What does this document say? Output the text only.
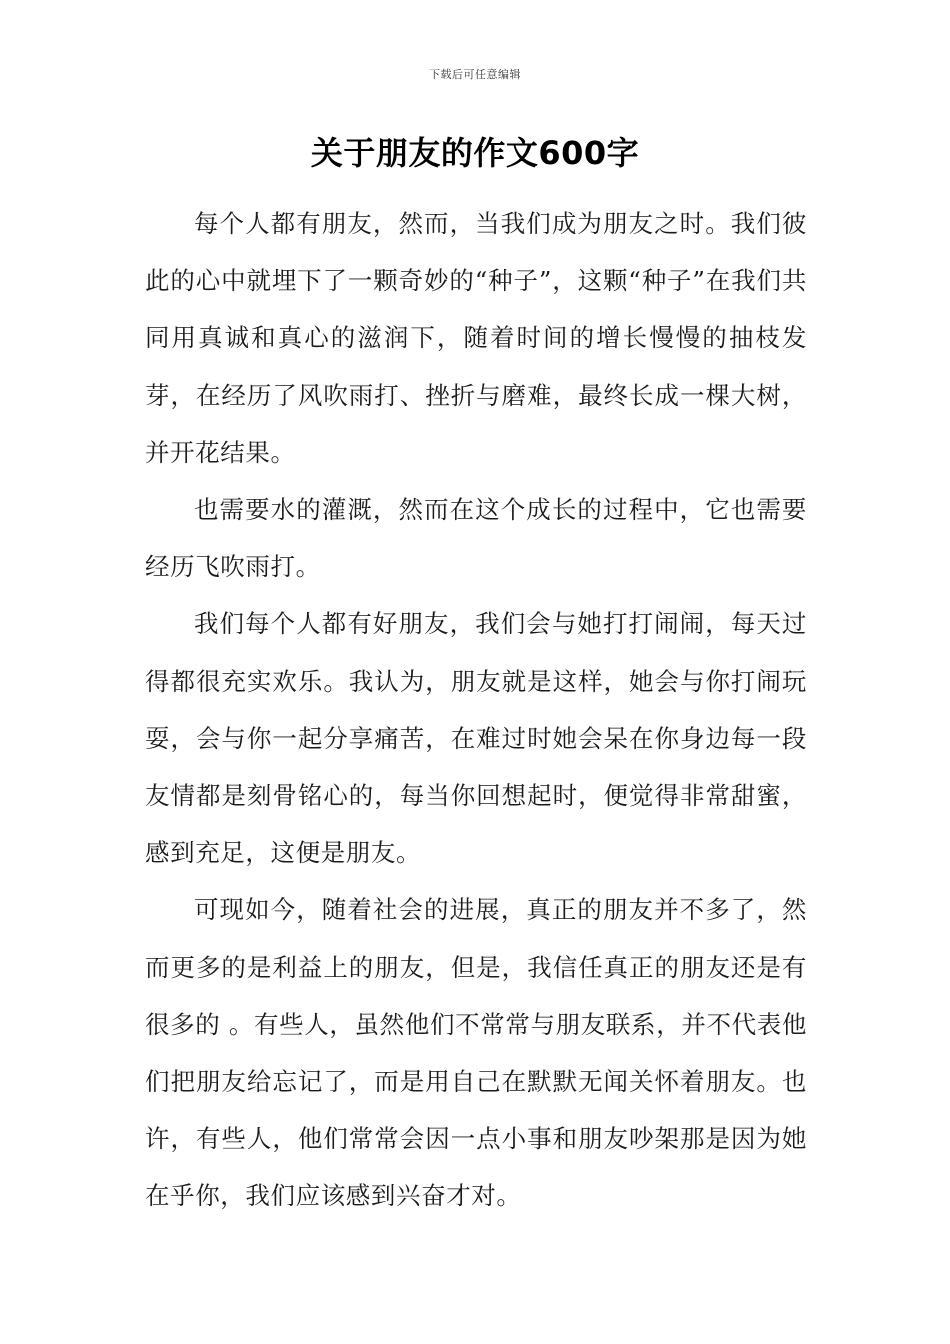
下载后可任意编辑
关于朋友的作文600字

每个人都有朋友，然而，当我们成为朋友之时。我们彼此的心中就埋下了一颗奇妙的“种子”，这颗“种子”在我们共同用真诚和真心的滋润下，随着时间的增长慢慢的抽枝发芽，在经历了风吹雨打、挫折与磨难，最终长成一棵大树，并开花结果。

也需要水的灌溉，然而在这个成长的过程中，它也需要经历飞吹雨打。

我们每个人都有好朋友，我们会与她打打闹闹，每天过得都很充实欢乐。我认为，朋友就是这样，她会与你打闹玩耍，会与你一起分享痛苦，在难过时她会呆在你身边每一段友情都是刻骨铭心的，每当你回想起时，便觉得非常甜蜜，感到充足，这便是朋友。

可现如今，随着社会的进展，真正的朋友并不多了，然而更多的是利益上的朋友，但是，我信任真正的朋友还是有很多的 。有些人，虽然他们不常常与朋友联系，并不代表他们把朋友给忘记了，而是用自己在默默无闻关怀着朋友。也许，有些人，他们常常会因一点小事和朋友吵架那是因为她在乎你，我们应该感到兴奋才对。
